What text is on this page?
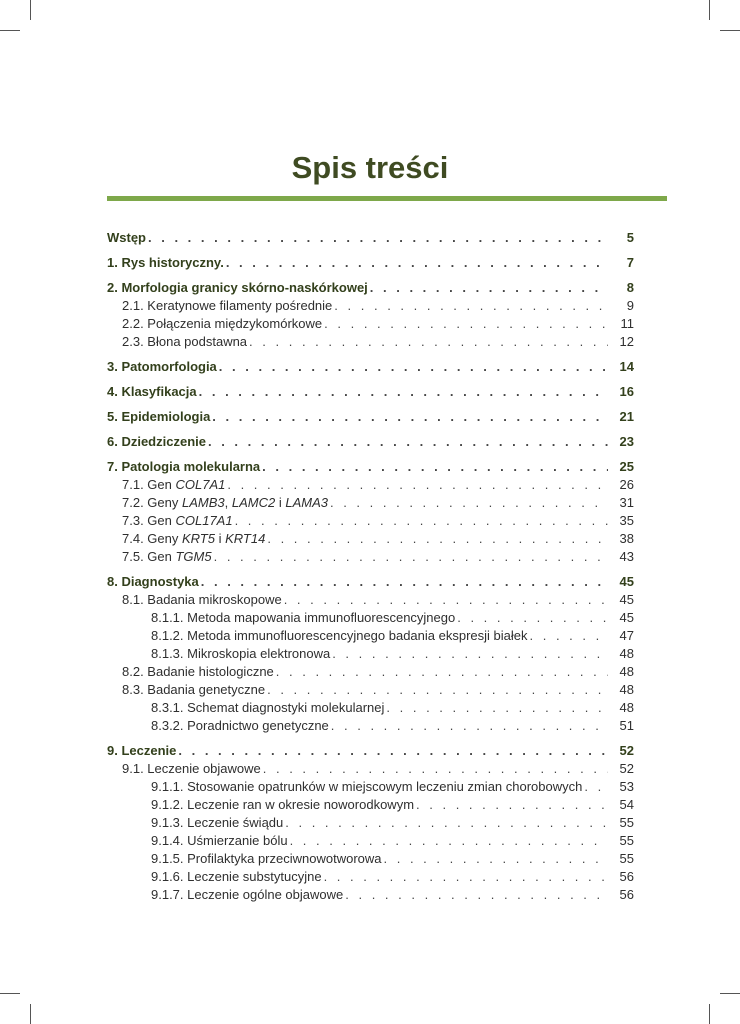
Spis treści
Wstęp . . .	5
1. Rys historyczny. . . .	7
2. Morfologia granicy skórno-naskórkowej . . .	8
2.1. Keratynowe filamenty pośrednie . . .	9
2.2. Połączenia międzykomórkowe . . .	11
2.3. Błona podstawna . . .	12
3. Patomorfologia . . .	14
4. Klasyfikacja . . .	16
5. Epidemiologia . . .	21
6. Dziedziczenie . . .	23
7. Patologia molekularna . . .	25
7.1. Gen COL7A1 . . .	26
7.2. Geny LAMB3, LAMC2 i LAMA3 . . .	31
7.3. Gen COL17A1 . . .	35
7.4. Geny KRT5 i KRT14 . . .	38
7.5. Gen TGM5 . . .	43
8. Diagnostyka . . .	45
8.1. Badania mikroskopowe . . .	45
8.1.1. Metoda mapowania immunofluorescencyjnego . . .	45
8.1.2. Metoda immunofluorescencyjnego badania ekspresji białek . . .	47
8.1.3. Mikroskopia elektronowa . . .	48
8.2. Badanie histologiczne . . .	48
8.3. Badania genetyczne . . .	48
8.3.1. Schemat diagnostyki molekularnej . . .	48
8.3.2. Poradnictwo genetyczne . . .	51
9. Leczenie . . .	52
9.1. Leczenie objawowe . . .	52
9.1.1. Stosowanie opatrunków w miejscowym leczeniu zmian chorobowych . . .	53
9.1.2. Leczenie ran w okresie noworodkowym . . .	54
9.1.3. Leczenie świądu . . .	55
9.1.4. Uśmierzanie bólu . . .	55
9.1.5. Profilaktyka przeciwnowotworowa . . .	55
9.1.6. Leczenie substytucyjne . . .	56
9.1.7. Leczenie ogólne objawowe . . .	56
